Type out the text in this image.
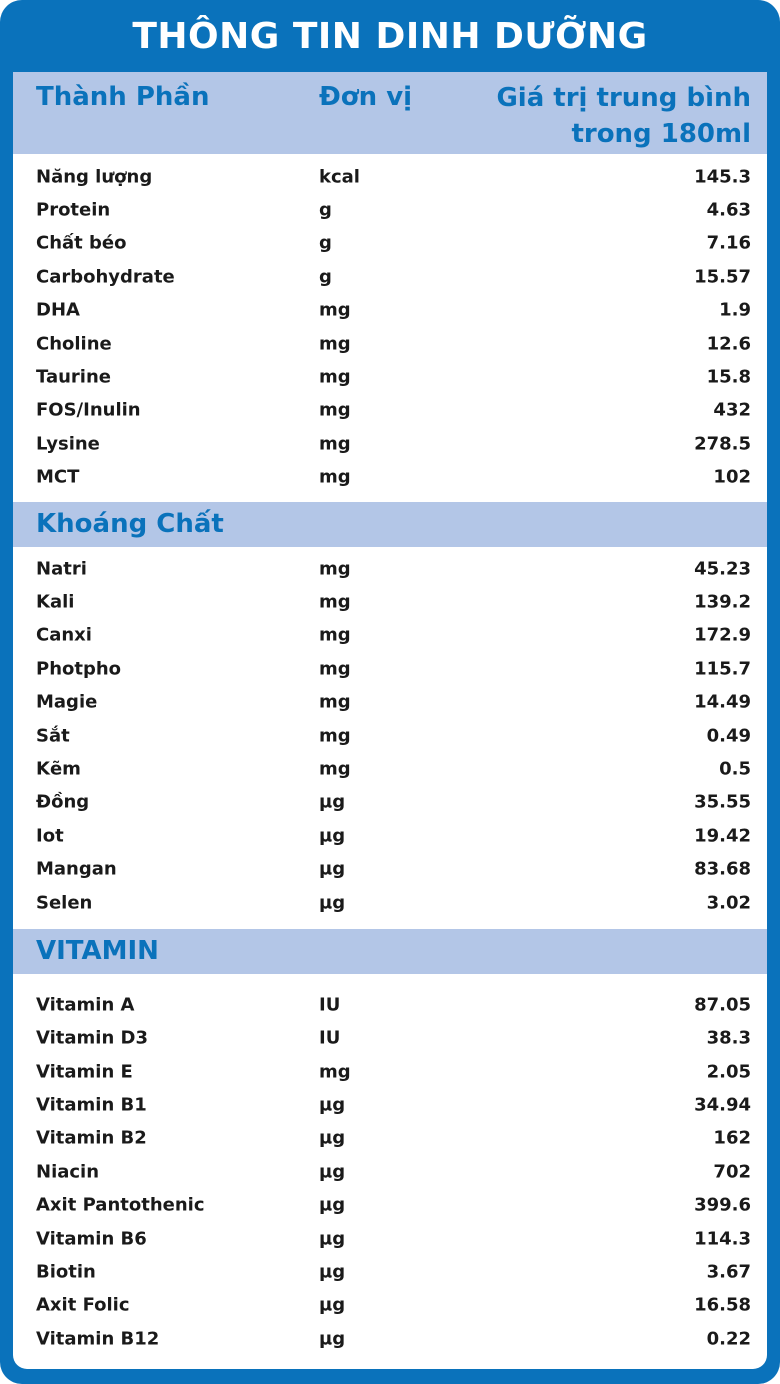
THÔNG TIN DINH DƯỠNG
Thành Phần	Đơn vị	Giá trị trung bình
trong 180ml
Năng lượng	kcal	145.3
Protein	g	4.63
Chất béo	g	7.16
Carbohydrate	g	15.57
DHA	mg	1.9
Choline	mg	12.6
Taurine	mg	15.8
FOS/Inulin	mg	432
Lysine	mg	278.5
MCT	mg	102
Khoáng Chất
Natri	mg	45.23
Kali	mg	139.2
Canxi	mg	172.9
Photpho	mg	115.7
Magie	mg	14.49
Sắt	mg	0.49
Kẽm	mg	0.5
Đồng	µg	35.55
Iot	µg	19.42
Mangan	µg	83.68
Selen	µg	3.02
VITAMIN
Vitamin A	IU	87.05
Vitamin D3	IU	38.3
Vitamin E	mg	2.05
Vitamin B1	µg	34.94
Vitamin B2	µg	162
Niacin	µg	702
Axit Pantothenic	µg	399.6
Vitamin B6	µg	114.3
Biotin	µg	3.67
Axit Folic	µg	16.58
Vitamin B12	µg	0.22
